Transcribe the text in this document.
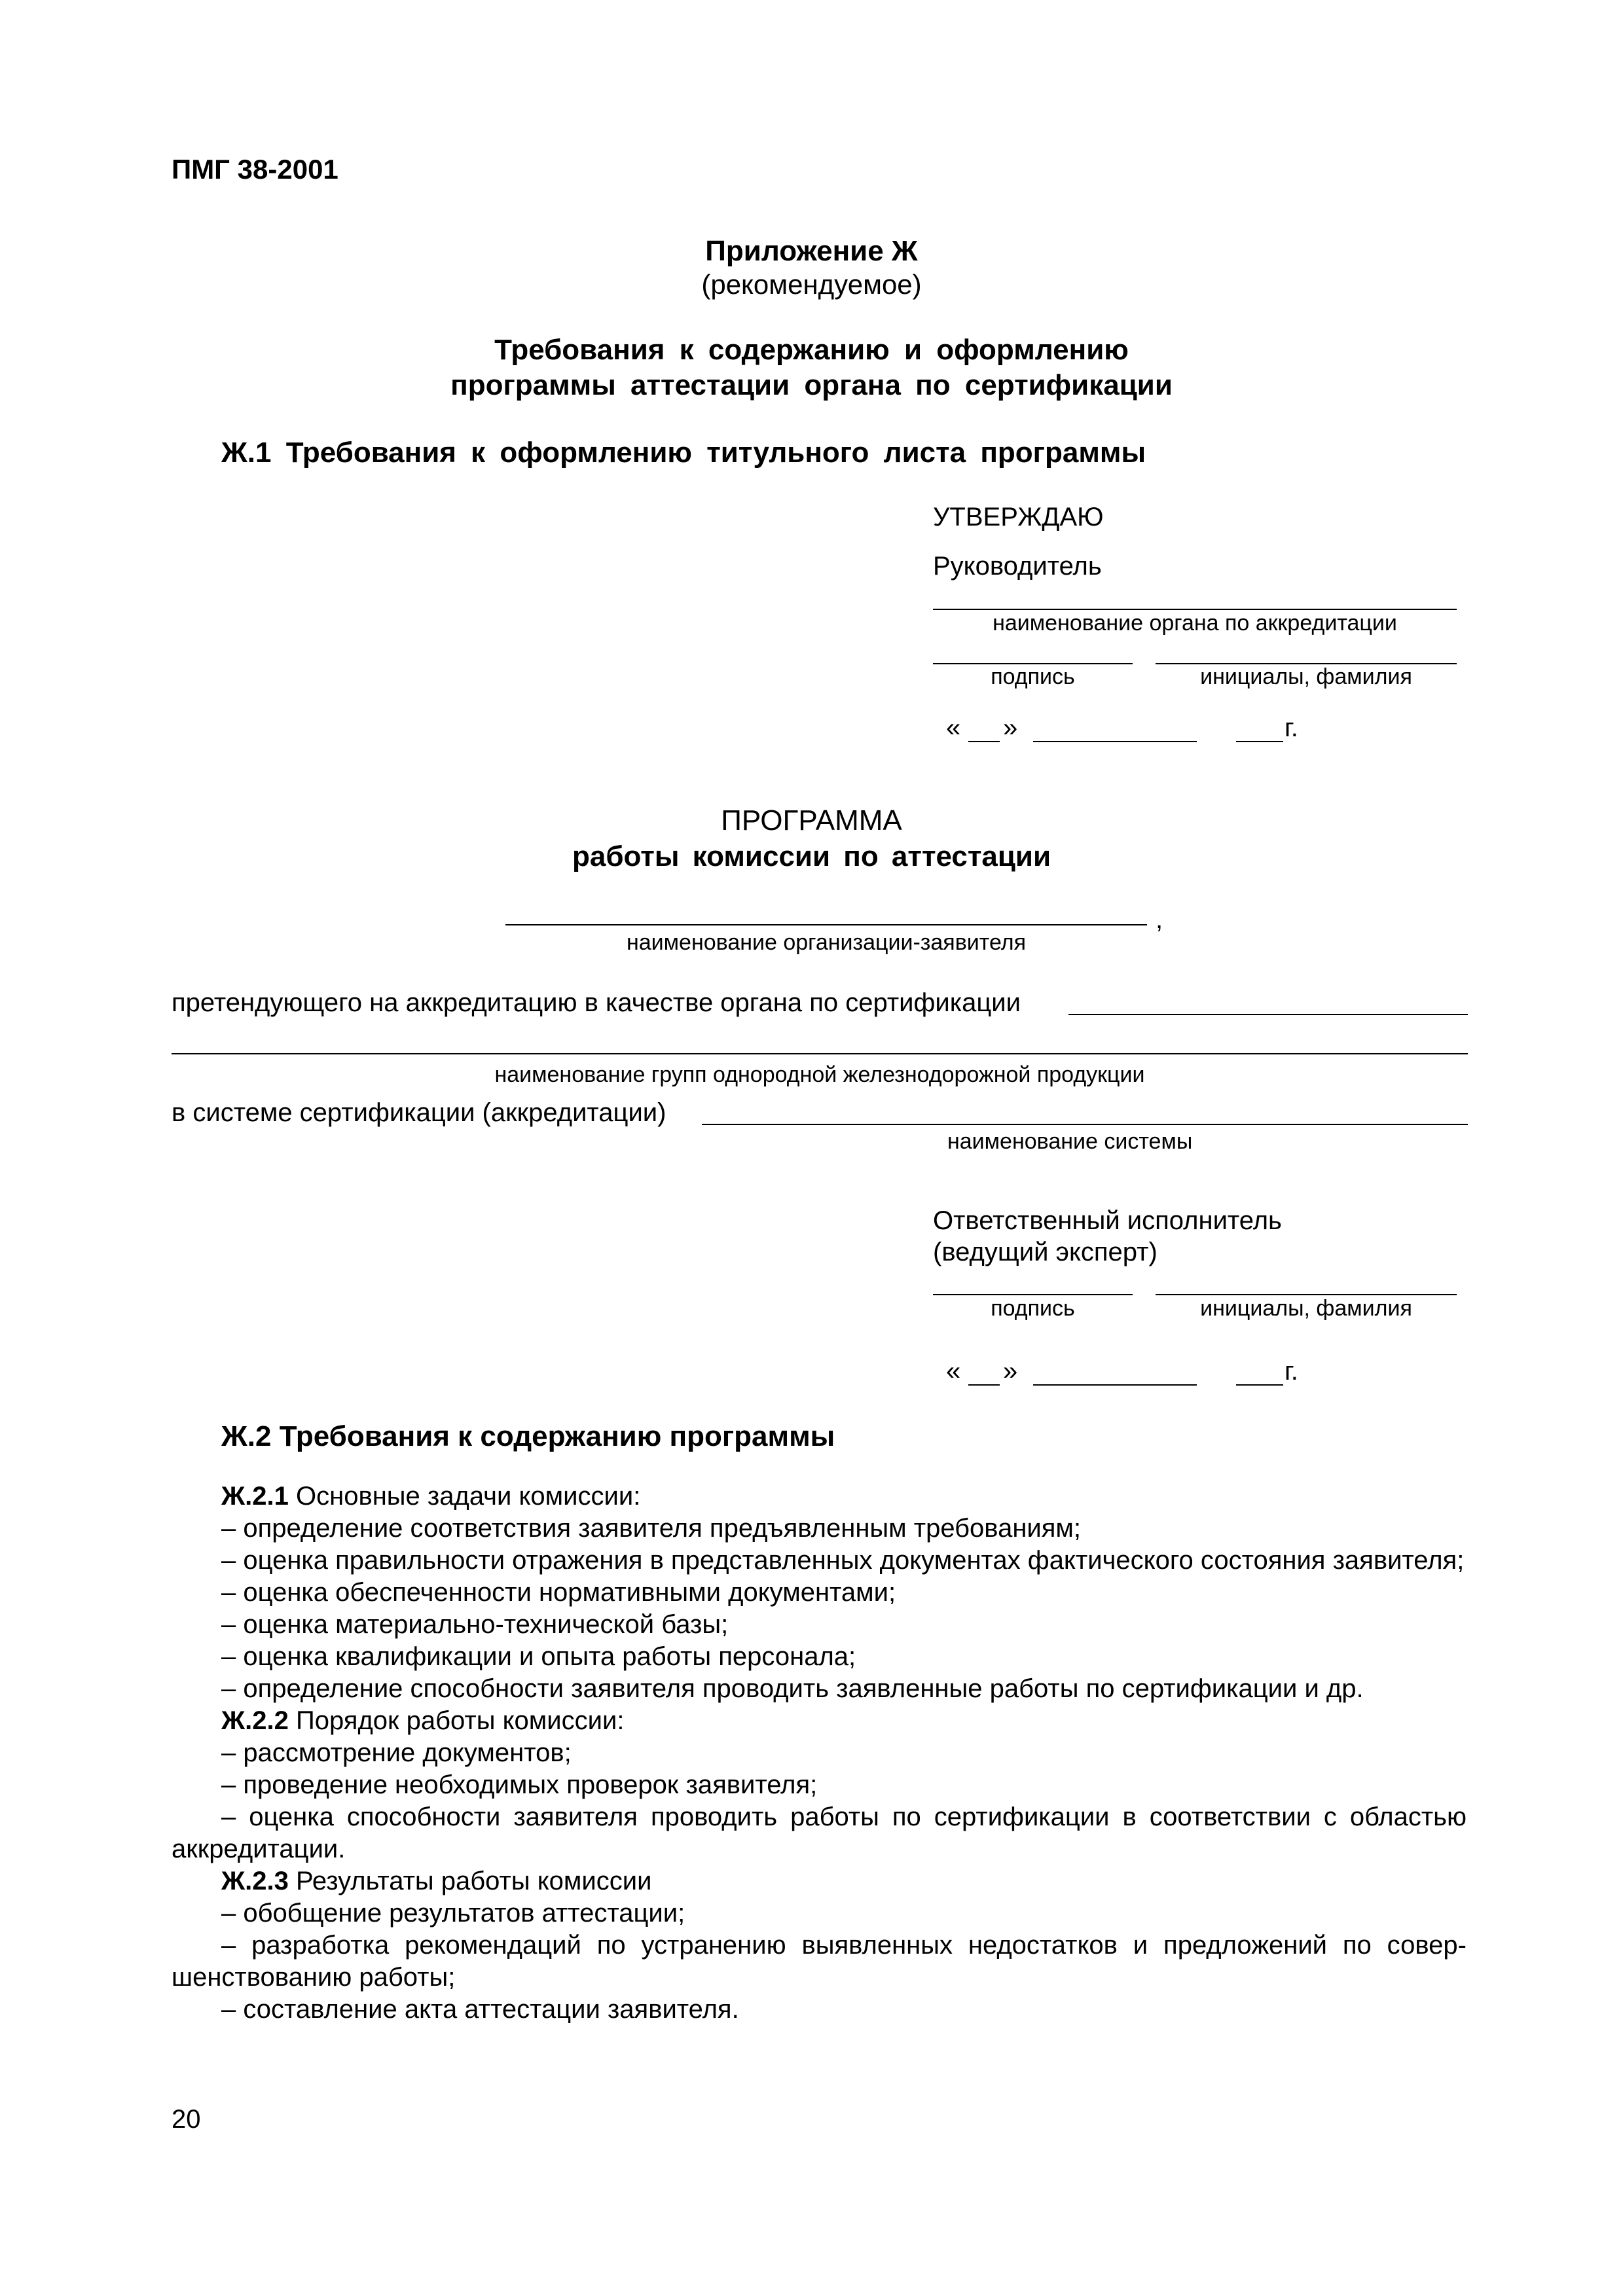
ПМГ 38-2001
Приложение Ж
(рекомендуемое)
Требования к содержанию и оформлению
программы аттестации органа по сертификации
Ж.1 Требования к оформлению титульного листа программы
УТВЕРЖДАЮ
Руководитель
наименование органа по аккредитации
подпись	инициалы, фамилия
« »	г.
ПРОГРАММА
работы комиссии по аттестации
,
наименование организации-заявителя
претендующего на аккредитацию в качестве органа по сертификации
наименование групп однородной железнодорожной продукции
в системе сертификации (аккредитации)
наименование системы
Ответственный исполнитель
(ведущий эксперт)
подпись	инициалы, фамилия
« »	г.
Ж.2 Требования к содержанию программы

Ж.2.1 Основные задачи комиссии:

– определение соответствия заявителя предъявленным требованиям;

– оценка правильности отражения в представленных документах фактического состояния заявителя;

– оценка обеспеченности нормативными документами;

– оценка материально-технической базы;

– оценка квалификации и опыта работы персонала;

– определение способности заявителя проводить заявленные работы по сертификации и др.

Ж.2.2 Порядок работы комиссии:

– рассмотрение документов;

– проведение необходимых проверок заявителя;

– оценка способности заявителя проводить работы по сертификации в соответствии с областью

аккредитации.

Ж.2.3 Результаты работы комиссии

– обобщение результатов аттестации;

– разработка рекомендаций по устранению выявленных недостатков и предложений по совер-

шенствованию работы;

– составление акта аттестации заявителя.

20
